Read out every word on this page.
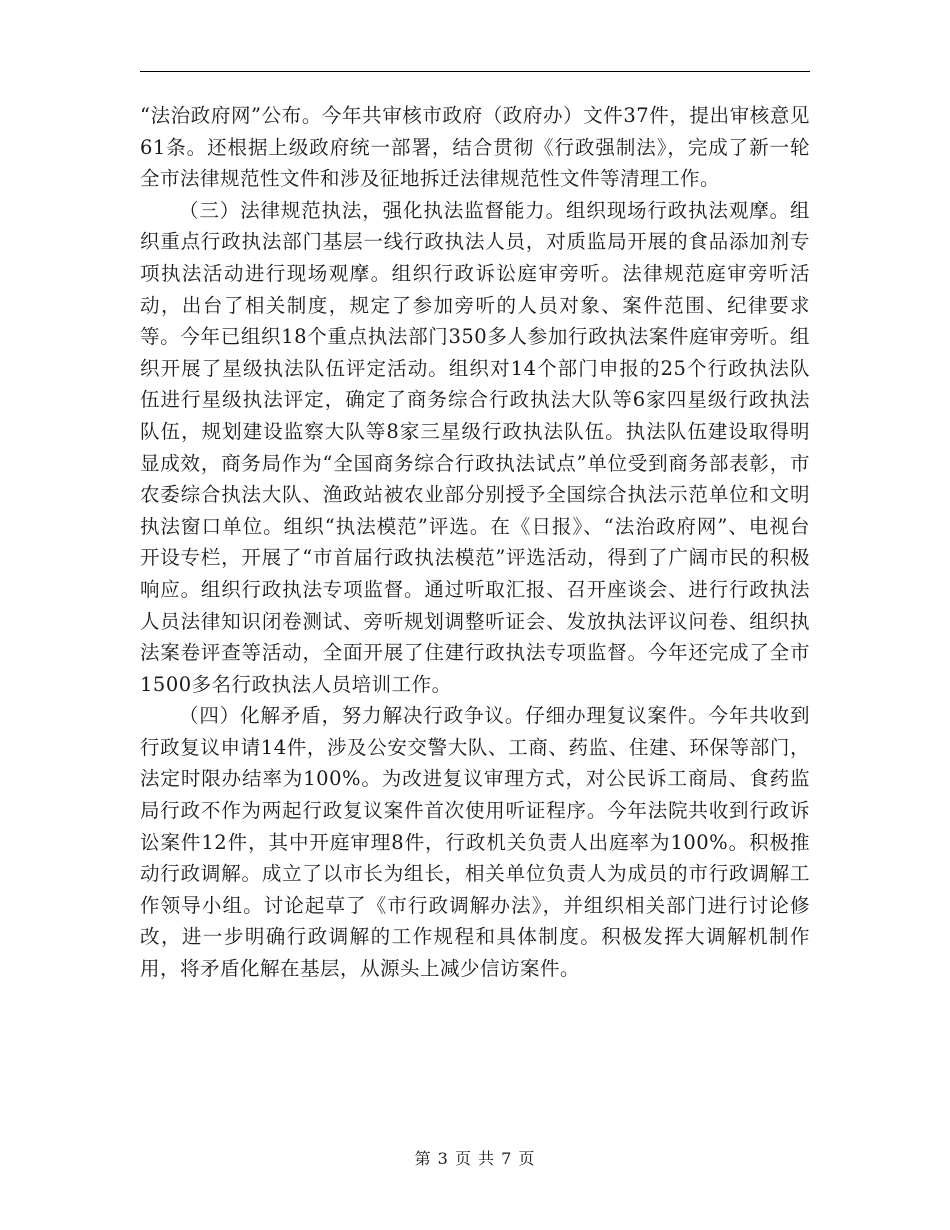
“法治政府网”公布。今年共审核市政府（政府办）文件37件，提出审核意见61条。还根据上级政府统一部署，结合贯彻《行政强制法》，完成了新一轮全市法律规范性文件和涉及征地拆迁法律规范性文件等清理工作。

（三）法律规范执法，强化执法监督能力。组织现场行政执法观摩。组织重点行政执法部门基层一线行政执法人员，对质监局开展的食品添加剂专项执法活动进行现场观摩。组织行政诉讼庭审旁听。法律规范庭审旁听活动，出台了相关制度，规定了参加旁听的人员对象、案件范围、纪律要求等。今年已组织18个重点执法部门350多人参加行政执法案件庭审旁听。组织开展了星级执法队伍评定活动。组织对14个部门申报的25个行政执法队伍进行星级执法评定，确定了商务综合行政执法大队等6家四星级行政执法队伍，规划建设监察大队等8家三星级行政执法队伍。执法队伍建设取得明显成效，商务局作为“全国商务综合行政执法试点”单位受到商务部表彰，市农委综合执法大队、渔政站被农业部分别授予全国综合执法示范单位和文明执法窗口单位。组织“执法模范”评选。在《日报》、“法治政府网”、电视台开设专栏，开展了“市首届行政执法模范”评选活动，得到了广阔市民的积极响应。组织行政执法专项监督。通过听取汇报、召开座谈会、进行行政执法人员法律知识闭卷测试、旁听规划调整听证会、发放执法评议问卷、组织执法案卷评查等活动，全面开展了住建行政执法专项监督。今年还完成了全市1500多名行政执法人员培训工作。

（四）化解矛盾，努力解决行政争议。仔细办理复议案件。今年共收到行政复议申请14件，涉及公安交警大队、工商、药监、住建、环保等部门，法定时限办结率为100%。为改进复议审理方式，对公民诉工商局、食药监局行政不作为两起行政复议案件首次使用听证程序。今年法院共收到行政诉讼案件12件，其中开庭审理8件，行政机关负责人出庭率为100%。积极推动行政调解。成立了以市长为组长，相关单位负责人为成员的市行政调解工作领导小组。讨论起草了《市行政调解办法》，并组织相关部门进行讨论修改，进一步明确行政调解的工作规程和具体制度。积极发挥大调解机制作用，将矛盾化解在基层，从源头上减少信访案件。

第 3 页 共 7 页
